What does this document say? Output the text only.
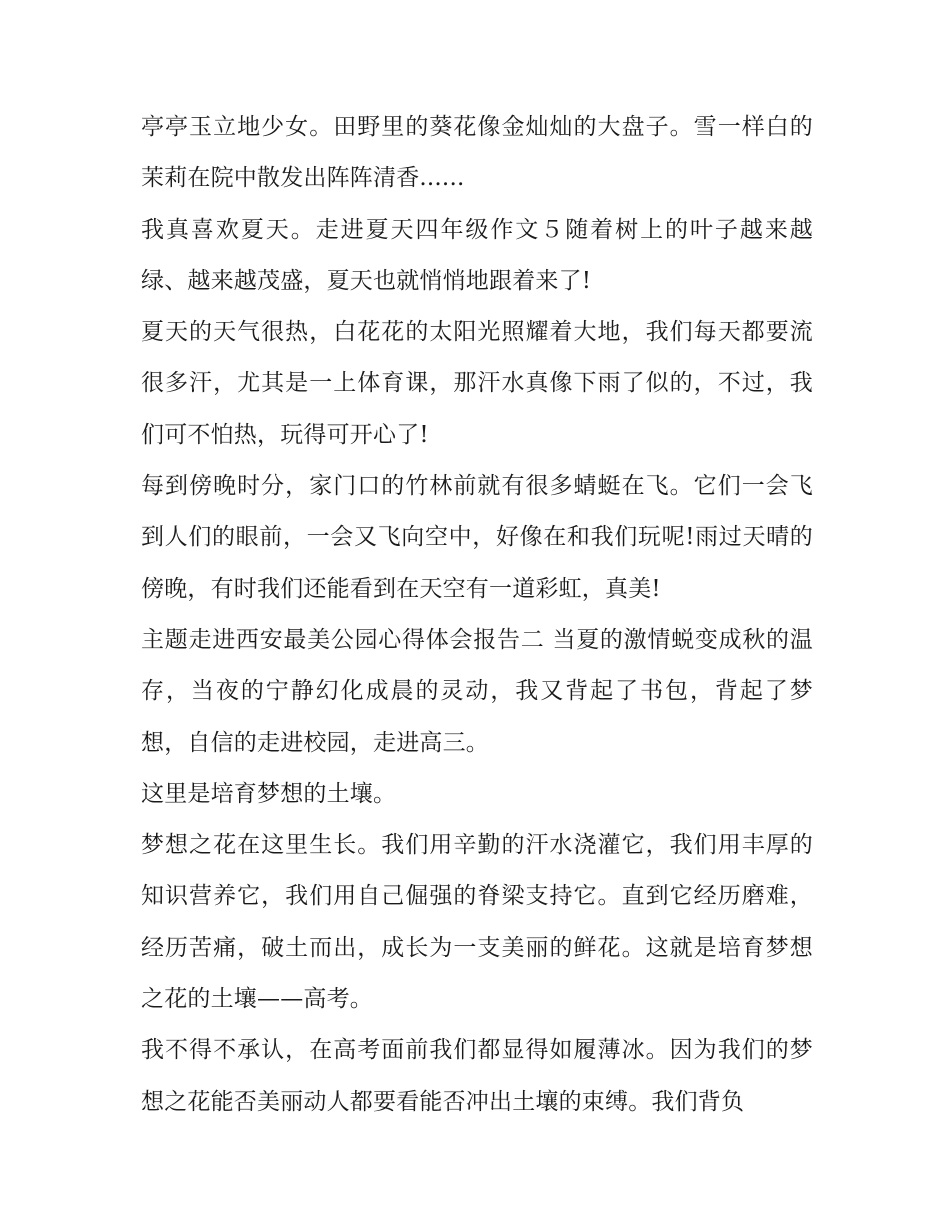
亭亭玉立地少女。田野里的葵花像金灿灿的大盘子。雪一样白的茉莉在院中散发出阵阵清香......

我真喜欢夏天。走进夏天四年级作文５随着树上的叶子越来越绿、越来越茂盛，夏天也就悄悄地跟着来了!

夏天的天气很热，白花花的太阳光照耀着大地，我们每天都要流很多汗，尤其是一上体育课，那汗水真像下雨了似的，不过，我们可不怕热，玩得可开心了!

每到傍晚时分，家门口的竹林前就有很多蜻蜓在飞。它们一会飞到人们的眼前，一会又飞向空中，好像在和我们玩呢!雨过天晴的傍晚，有时我们还能看到在天空有一道彩虹，真美!

主题走进西安最美公园心得体会报告二 当夏的激情蜕变成秋的温存，当夜的宁静幻化成晨的灵动，我又背起了书包，背起了梦想，自信的走进校园，走进高三。

这里是培育梦想的土壤。

梦想之花在这里生长。我们用辛勤的汗水浇灌它，我们用丰厚的知识营养它，我们用自己倔强的脊梁支持它。直到它经历磨难，经历苦痛，破土而出，成长为一支美丽的鲜花。这就是培育梦想之花的土壤——高考。

我不得不承认，在高考面前我们都显得如履薄冰。因为我们的梦想之花能否美丽动人都要看能否冲出土壤的束缚。我们背负
